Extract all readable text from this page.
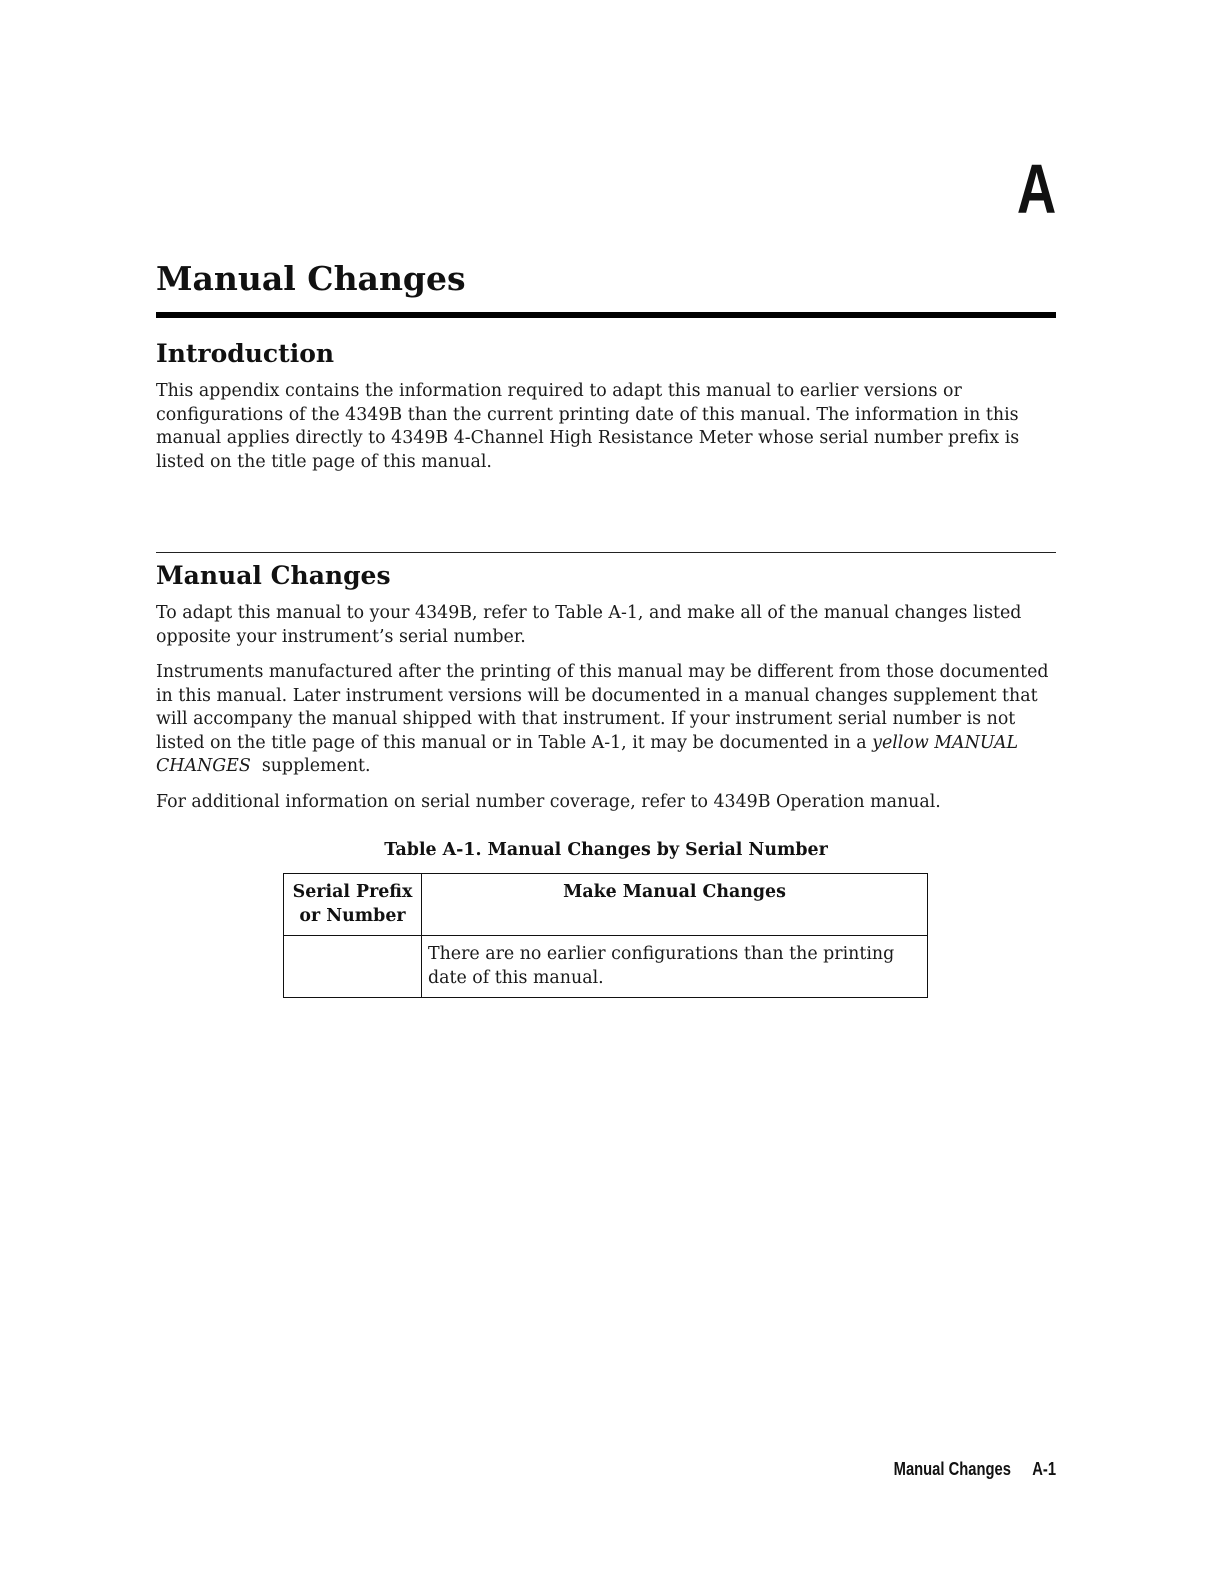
A
Manual Changes
Introduction

This appendix contains the information required to adapt this manual to earlier versions or configurations of the 4349B than the current printing date of this manual. The information in this manual applies directly to 4349B 4-Channel High Resistance Meter whose serial number prefix is listed on the title page of this manual.

Manual Changes

To adapt this manual to your 4349B, refer to Table A-1, and make all of the manual changes listed opposite your instrument’s serial number.

Instruments manufactured after the printing of this manual may be different from those documented in this manual. Later instrument versions will be documented in a manual changes supplement that will accompany the manual shipped with that instrument. If your instrument serial number is not listed on the title page of this manual or in Table A-1, it may be documented in a yellow MANUAL CHANGES supplement.

For additional information on serial number coverage, refer to 4349B Operation manual.

Table A-1. Manual Changes by Serial Number

Serial Prefix or Number	Make Manual Changes
	There are no earlier configurations than the printing date of this manual.
Manual Changes A-1
